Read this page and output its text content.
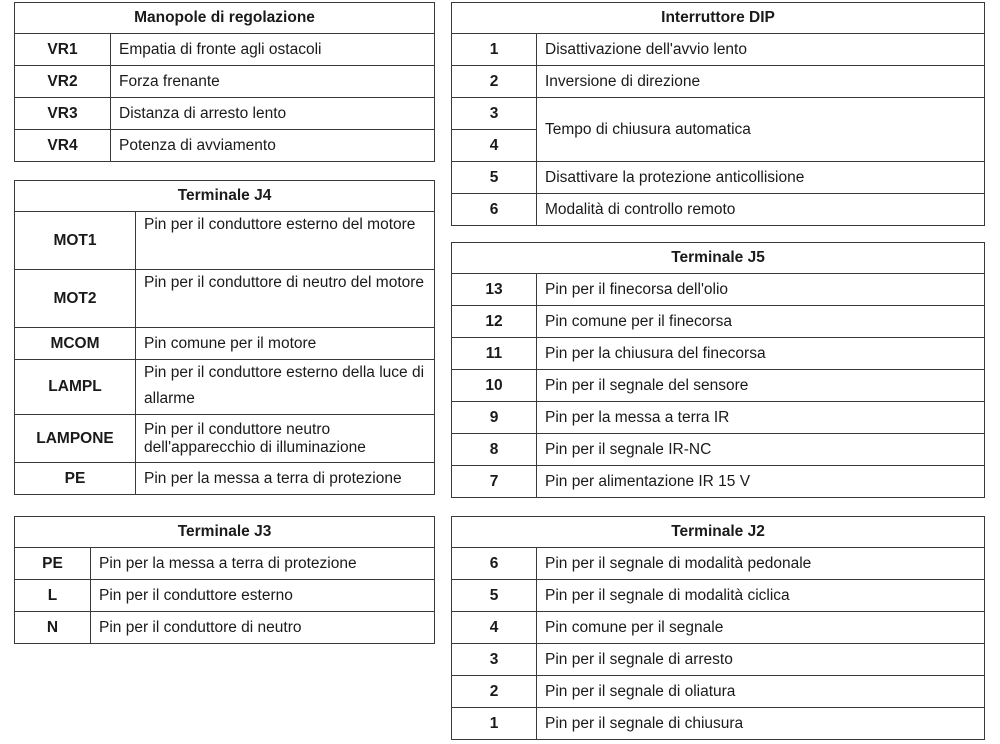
Manopole di regolazione	
VR1	Empatia di fronte agli ostacoli
VR2	Forza frenante
VR3	Distanza di arresto lento
VR4	Potenza di avviamento
Interruttore DIP	
1	Disattivazione dell'avvio lento
2	Inversione di direzione
3	Tempo di chiusura automatica
4	
5	Disattivare la protezione anticollisione
6	Modalità di controllo remoto
Terminale J4	
MOT1	Pin per il conduttore esterno del motore
MOT2	Pin per il conduttore di neutro del motore
MCOM	Pin comune per il motore
LAMPL	Pin per il conduttore esterno della luce di allarme
LAMPONE	Pin per il conduttore neutro dell'apparecchio di illuminazione
PE	Pin per la messa a terra di protezione
Terminale J5	
13	Pin per il finecorsa dell'olio
12	Pin comune per il finecorsa
11	Pin per la chiusura del finecorsa
10	Pin per il segnale del sensore
9	Pin per la messa a terra IR
8	Pin per il segnale IR-NC
7	Pin per alimentazione IR 15 V
Terminale J3	
PE	Pin per la messa a terra di protezione
L	Pin per il conduttore esterno
N	Pin per il conduttore di neutro
Terminale J2	
6	Pin per il segnale di modalità pedonale
5	Pin per il segnale di modalità ciclica
4	Pin comune per il segnale
3	Pin per il segnale di arresto
2	Pin per il segnale di oliatura
1	Pin per il segnale di chiusura
